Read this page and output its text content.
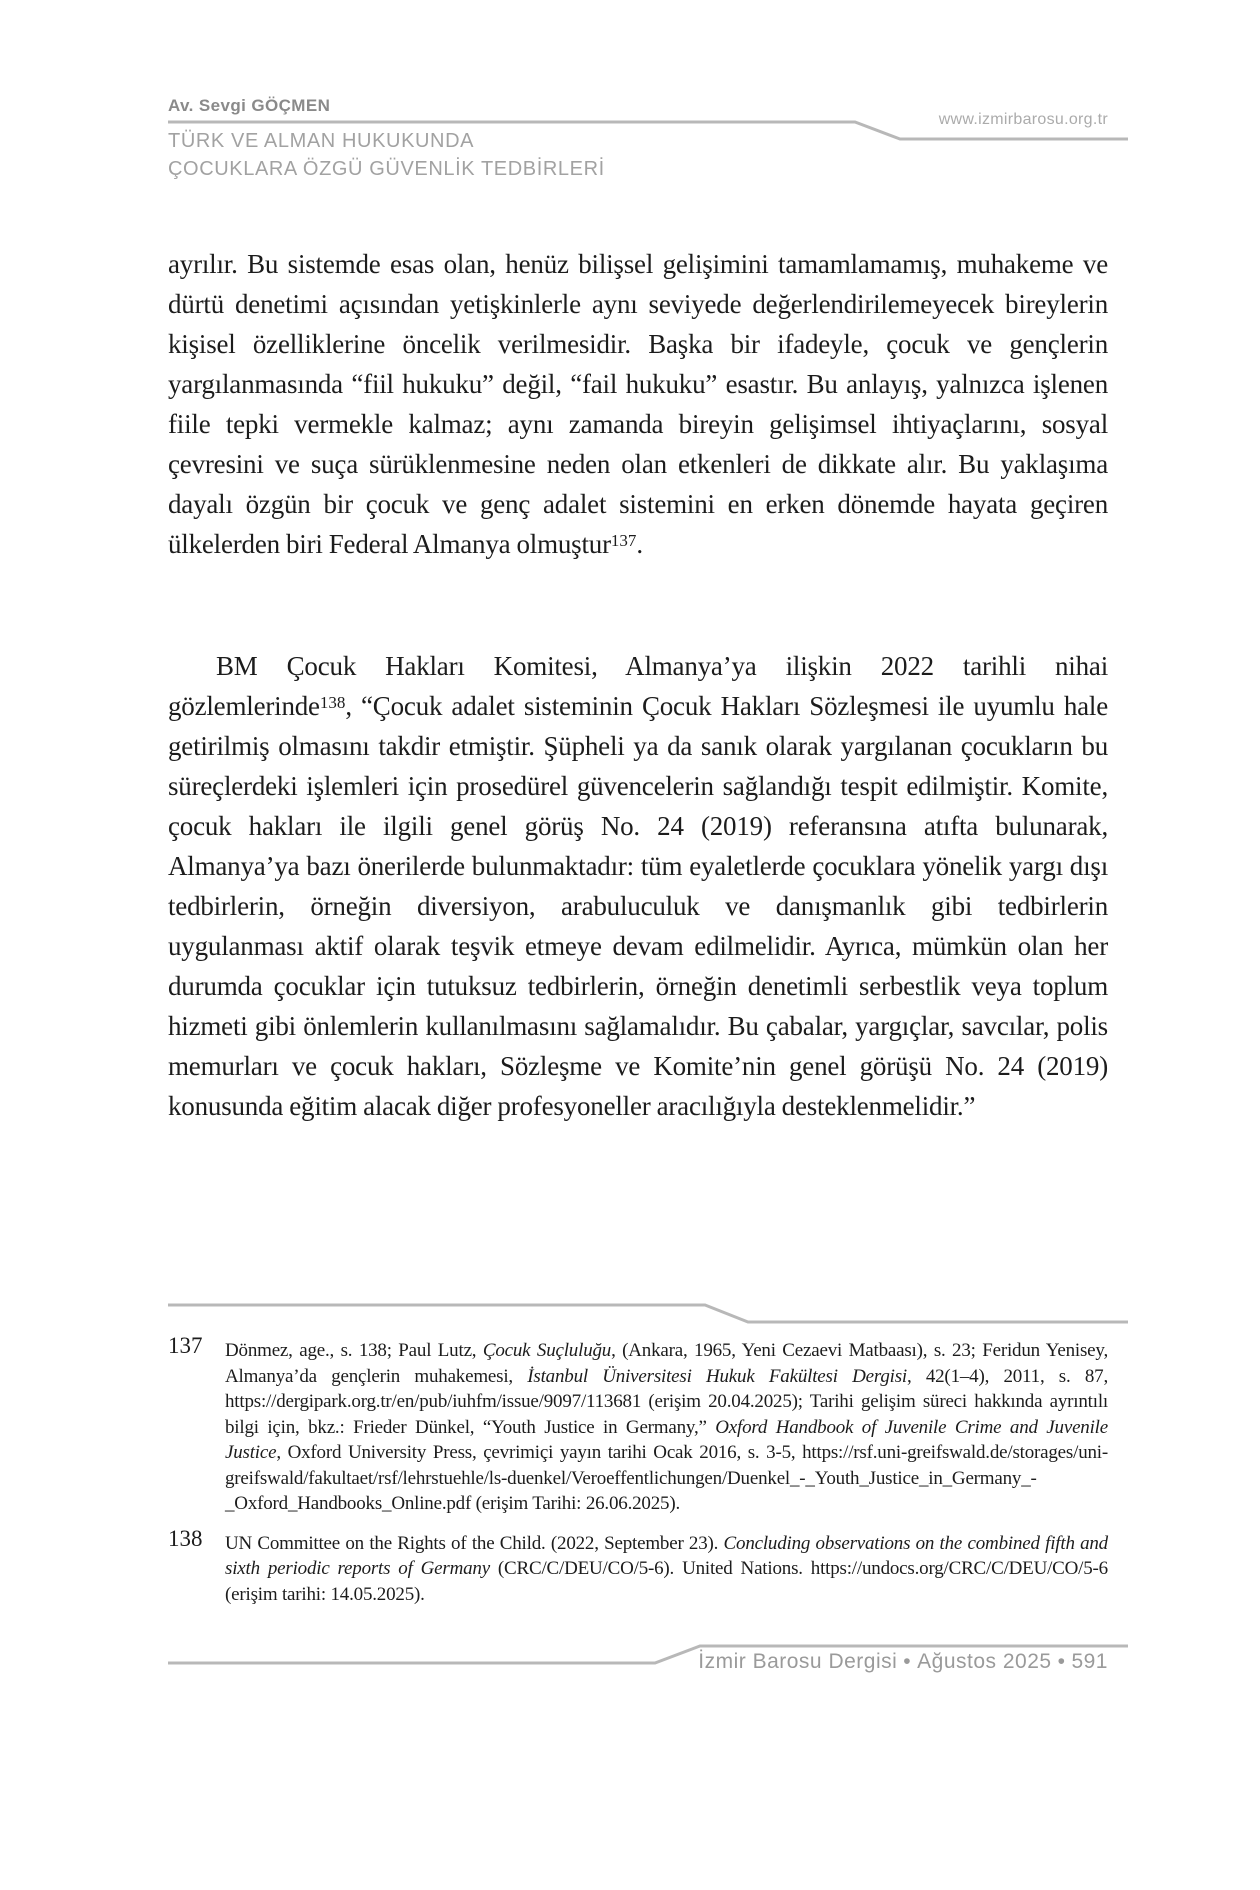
Av. Sevgi GÖÇMEN
TÜRK VE ALMAN HUKUKUNDA
ÇOCUKLARA ÖZGÜ GÜVENLİK TEDBİRLERİ
www.izmirbarosu.org.tr
ayrılır. Bu sistemde esas olan, henüz bilişsel gelişimini tamamlamamış, muhakeme ve dürtü denetimi açısından yetişkinlerle aynı seviyede değerlendirilemeyecek bireylerin kişisel özelliklerine öncelik verilmesidir. Başka bir ifadeyle, çocuk ve gençlerin yargılanmasında “fiil hukuku” değil, “fail hukuku” esastır. Bu anlayış, yalnızca işlenen fiile tepki vermekle kalmaz; aynı zamanda bireyin gelişimsel ihtiyaçlarını, sosyal çevresini ve suça sürüklenmesine neden olan etkenleri de dikkate alır. Bu yaklaşıma dayalı özgün bir çocuk ve genç adalet sistemini en erken dönemde hayata geçiren ülkelerden biri Federal Almanya olmuştur$^{137}$.
BM Çocuk Hakları Komitesi, Almanya’ya ilişkin 2022 tarihli nihai gözlemlerinde$^{138}$, “Çocuk adalet sisteminin Çocuk Hakları Sözleşmesi ile uyumlu hale getirilmiş olmasını takdir etmiştir. Şüpheli ya da sanık olarak yargılanan çocukların bu süreçlerdeki işlemleri için prosedürel güvencelerin sağlandığı tespit edilmiştir. Komite, çocuk hakları ile ilgili genel görüş No. 24 (2019) referansına atıfta bulunarak, Almanya’ya bazı önerilerde bulunmaktadır: tüm eyaletlerde çocuklara yönelik yargı dışı tedbirlerin, örneğin diversiyon, arabuluculuk ve danışmanlık gibi tedbirlerin uygulanması aktif olarak teşvik etmeye devam edilmelidir. Ayrıca, mümkün olan her durumda çocuklar için tutuksuz tedbirlerin, örneğin denetimli serbestlik veya toplum hizmeti gibi önlemlerin kullanılmasını sağlamalıdır. Bu çabalar, yargıçlar, savcılar, polis memurları ve çocuk hakları, Sözleşme ve Komite’nin genel görüşü No. 24 (2019) konusunda eğitim alacak diğer profesyoneller aracılığıyla desteklenmelidir.”
137 Dönmez, age., s. 138; Paul Lutz, Çocuk Suçluluğu, (Ankara, 1965, Yeni Cezaevi Matbaası), s. 23; Feridun Yenisey, Almanya’da gençlerin muhakemesi, İstanbul Üniversitesi Hukuk Fakültesi Dergisi, 42(1–4), 2011, s. 87, https://dergipark.org.tr/en/pub/iuhfm/issue/9097/113681 (erişim 20.04.2025); Tarihi gelişim süreci hakkında ayrıntılı bilgi için, bkz.: Frieder Dünkel, “Youth Justice in Germany,” Oxford Handbook of Juvenile Crime and Juvenile Justice, Oxford University Press, çevrimiçi yayın tarihi Ocak 2016, s. 3-5, https://rsf.uni-greifswald.de/storages/uni-greifswald/fakultaet/rsf/lehrstuehle/ls-duenkel/Veroeffentlichungen/Duenkel_-_Youth_Justice_in_Germany_-_Oxford_Handbooks_Online.pdf (erişim Tarihi: 26.06.2025).
138 UN Committee on the Rights of the Child. (2022, September 23). Concluding observations on the combined fifth and sixth periodic reports of Germany (CRC/C/DEU/CO/5-6). United Nations. https://undocs.org/CRC/C/DEU/CO/5-6 (erişim tarihi: 14.05.2025).
İzmir Barosu Dergisi • Ağustos 2025 • 591
